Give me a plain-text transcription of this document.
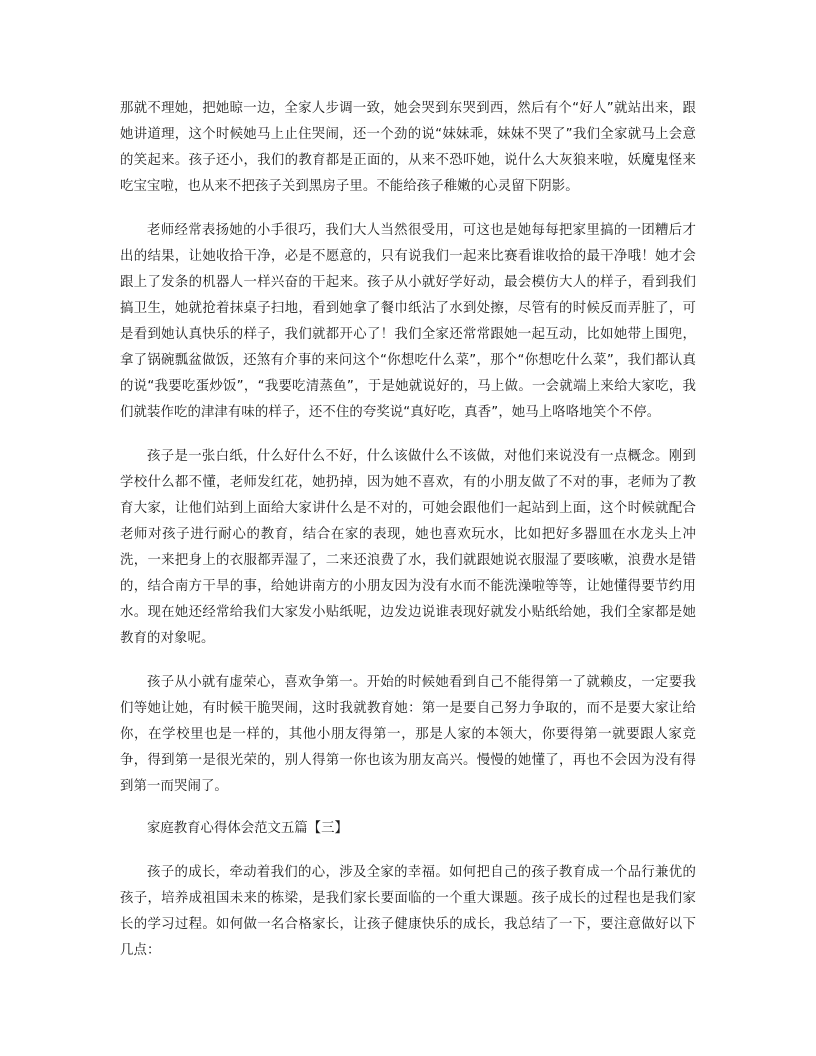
那就不理她，把她晾一边，全家人步调一致，她会哭到东哭到西，然后有个“好人”就站出来，跟她讲道理，这个时候她马上止住哭闹，还一个劲的说“妹妹乖，妹妹不哭了”我们全家就马上会意的笑起来。孩子还小，我们的教育都是正面的，从来不恐吓她，说什么大灰狼来啦，妖魔鬼怪来吃宝宝啦，也从来不把孩子关到黑房子里。不能给孩子稚嫩的心灵留下阴影。

老师经常表扬她的小手很巧，我们大人当然很受用，可这也是她每每把家里搞的一团糟后才出的结果，让她收拾干净，必是不愿意的，只有说我们一起来比赛看谁收拾的最干净哦！她才会跟上了发条的机器人一样兴奋的干起来。孩子从小就好学好动，最会模仿大人的样子，看到我们搞卫生，她就抢着抹桌子扫地，看到她拿了餐巾纸沾了水到处擦，尽管有的时候反而弄脏了，可是看到她认真快乐的样子，我们就都开心了！我们全家还常常跟她一起互动，比如她带上围兜，拿了锅碗瓢盆做饭，还煞有介事的来问这个“你想吃什么菜”，那个“你想吃什么菜”，我们都认真的说“我要吃蛋炒饭”，“我要吃清蒸鱼”，于是她就说好的，马上做。一会就端上来给大家吃，我们就装作吃的津津有味的样子，还不住的夸奖说“真好吃，真香”，她马上咯咯地笑个不停。

孩子是一张白纸，什么好什么不好，什么该做什么不该做，对他们来说没有一点概念。刚到学校什么都不懂，老师发红花，她扔掉，因为她不喜欢，有的小朋友做了不对的事，老师为了教育大家，让他们站到上面给大家讲什么是不对的，可她会跟他们一起站到上面，这个时候就配合老师对孩子进行耐心的教育，结合在家的表现，她也喜欢玩水，比如把好多器皿在水龙头上冲洗，一来把身上的衣服都弄湿了，二来还浪费了水，我们就跟她说衣服湿了要咳嗽，浪费水是错的，结合南方干旱的事，给她讲南方的小朋友因为没有水而不能洗澡啦等等，让她懂得要节约用水。现在她还经常给我们大家发小贴纸呢，边发边说谁表现好就发小贴纸给她，我们全家都是她教育的对象呢。

孩子从小就有虚荣心，喜欢争第一。开始的时候她看到自己不能得第一了就赖皮，一定要我们等她让她，有时候干脆哭闹，这时我就教育她：第一是要自己努力争取的，而不是要大家让给你，在学校里也是一样的，其他小朋友得第一，那是人家的本领大，你要得第一就要跟人家竞争，得到第一是很光荣的，别人得第一你也该为朋友高兴。慢慢的她懂了，再也不会因为没有得到第一而哭闹了。

家庭教育心得体会范文五篇【三】

孩子的成长，牵动着我们的心，涉及全家的幸福。如何把自己的孩子教育成一个品行兼优的孩子，培养成祖国未来的栋梁，是我们家长要面临的一个重大课题。孩子成长的过程也是我们家长的学习过程。如何做一名合格家长，让孩子健康快乐的成长，我总结了一下，要注意做好以下几点：
